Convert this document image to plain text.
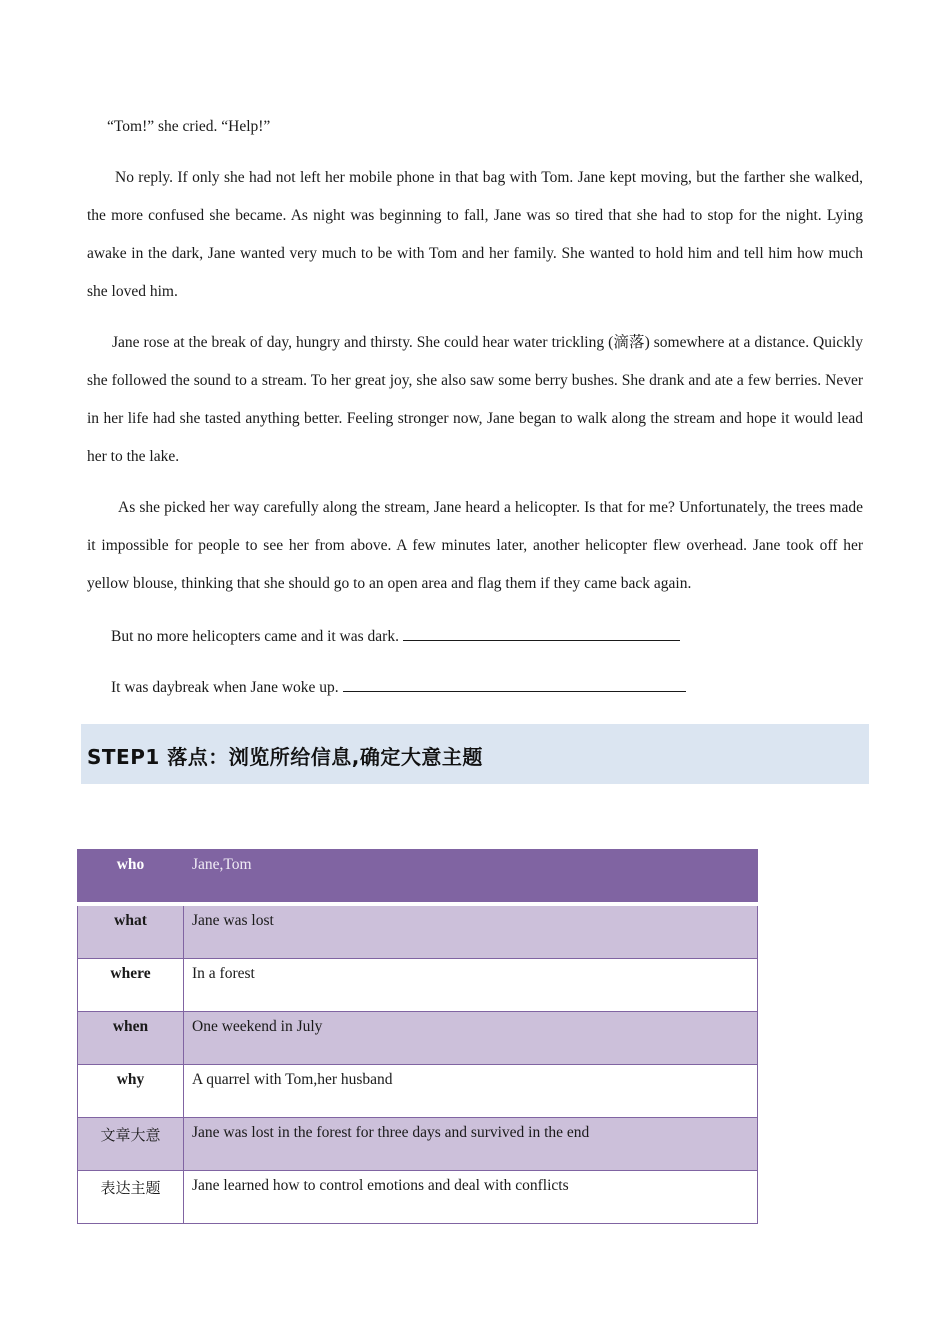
“Tom!” she cried. “Help!”

No reply. If only she had not left her mobile phone in that bag with Tom. Jane kept moving, but the farther she walked, the more confused she became. As night was beginning to fall, Jane was so tired that she had to stop for the night. Lying awake in the dark, Jane wanted very much to be with Tom and her family. She wanted to hold him and tell him how much she loved him.

Jane rose at the break of day, hungry and thirsty. She could hear water trickling (滴落) somewhere at a distance. Quickly she followed the sound to a stream. To her great joy, she also saw some berry bushes. She drank and ate a few berries. Never in her life had she tasted anything better. Feeling stronger now, Jane began to walk along the stream and hope it would lead her to the lake.

As she picked her way carefully along the stream, Jane heard a helicopter. Is that for me? Unfortunately, the trees made it impossible for people to see her from above. A few minutes later, another helicopter flew overhead. Jane took off her yellow blouse, thinking that she should go to an open area and flag them if they came back again.

But no more helicopters came and it was dark.

It was daybreak when Jane woke up.

STEP1 落点：浏览所给信息,确定大意主题
who	Jane,Tom
what	Jane was lost
where	In a forest
when	One weekend in July
why	A quarrel with Tom,her husband
文章大意	Jane was lost in the forest for three days and survived in the end
表达主题	Jane learned how to control emotions and deal with conflicts
